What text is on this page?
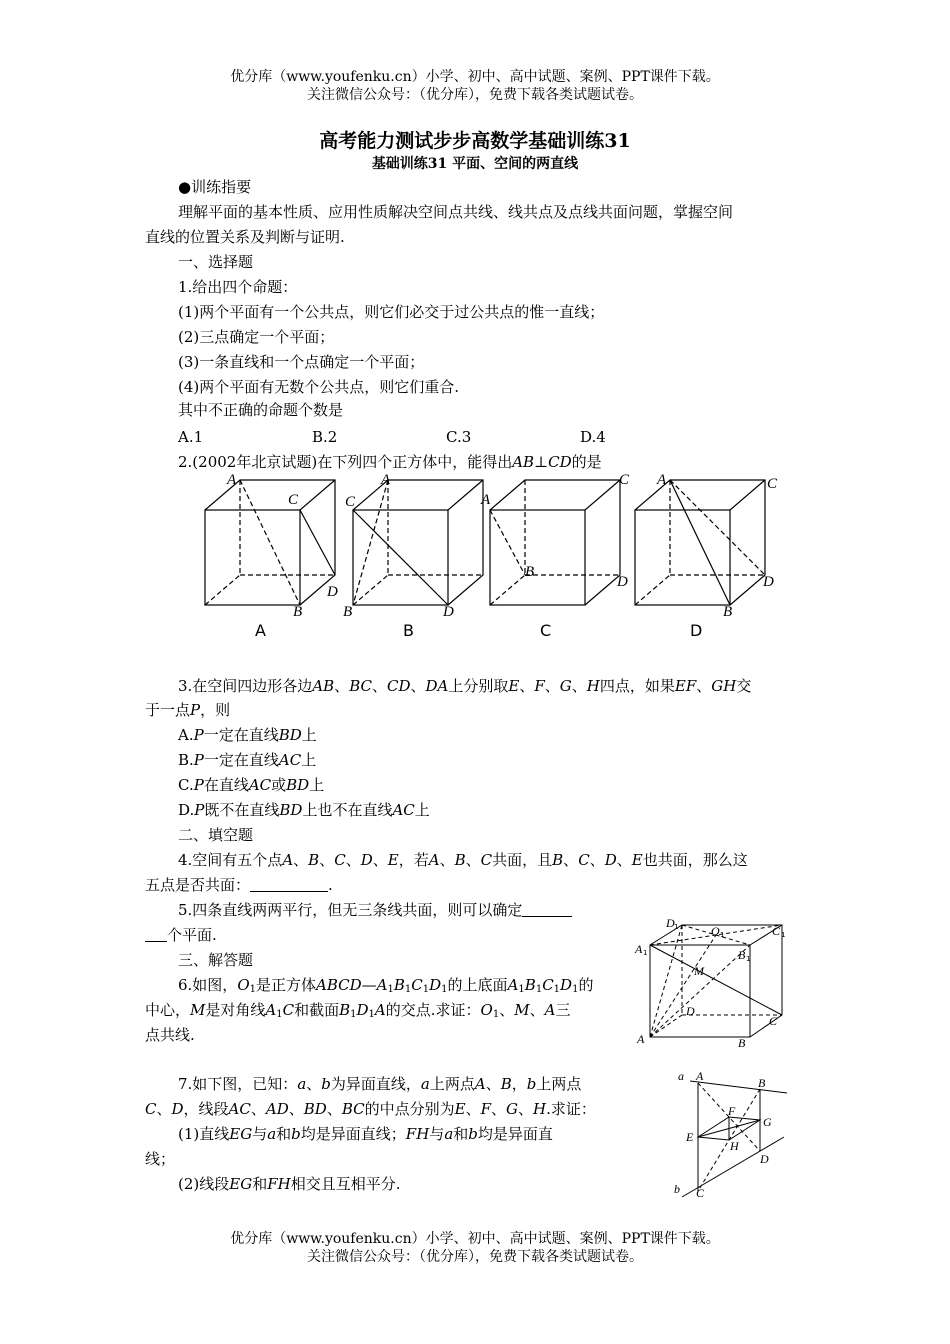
优分库（www.youfenku.cn）小学、初中、高中试题、案例、PPT课件下载。
关注微信公众号：（优分库），免费下载各类试题试卷。
高考能力测试步步高数学基础训练31
基础训练31 平面、空间的两直线
●训练指要
理解平面的基本性质、应用性质解决空间点共线、线共点及点线共面问题，掌握空间
直线的位置关系及判断与证明.
一、选择题
1.给出四个命题：
(1)两个平面有一个公共点，则它们必交于过公共点的惟一直线；
(2)三点确定一个平面；
(3)一条直线和一个点确定一个平面；
(4)两个平面有无数个公共点，则它们重合.
其中不正确的命题个数是
A.1	B.2	C.3	D.4
2.(2002年北京试题)在下列四个正方体中，能得出AB⊥CD的是
A
C
B
D
A
C
B	D
A
C
B
D
A	C
B
D
A	B	C	D
3.在空间四边形各边AB、BC、CD、DA上分别取E、F、G、H四点，如果EF、GH交
于一点P，则
A.P一定在直线BD上
B.P一定在直线AC上
C.P在直线AC或BD上
D.P既不在直线BD上也不在直线AC上
二、填空题
4.空间有五个点A、B、C、D、E，若A、B、C共面，且B、C、D、E也共面，那么这
五点是否共面：	.
5.四条直线两两平行，但无三条线共面，则可以确定
个平面.
三、解答题
6.如图，$O_1$是正方体$ABCD—A_1B_1C_1D_1$的上底面$A_1B_1C_1D_1$的
中心，M是对角线$A_1C$和截面$B_1D_1A$的交点.求证：$O_1$、M、A三
点共线.
D
O	C
A	B
M
D
C
A	B
1
1	1
1
1
7.如下图，已知：a、b为异面直线，a上两点A、B，b上两点
C、D，线段AC、AD、BD、BC的中点分别为E、F、G、H.求证：
(1)直线EG与a和b均是异面直线；FH与a和b均是异面直
线；
(2)线段EG和FH相交且互相平分.
a A	B
F
G
E
H
D
b C
优分库（www.youfenku.cn）小学、初中、高中试题、案例、PPT课件下载。
关注微信公众号：（优分库），免费下载各类试题试卷。
